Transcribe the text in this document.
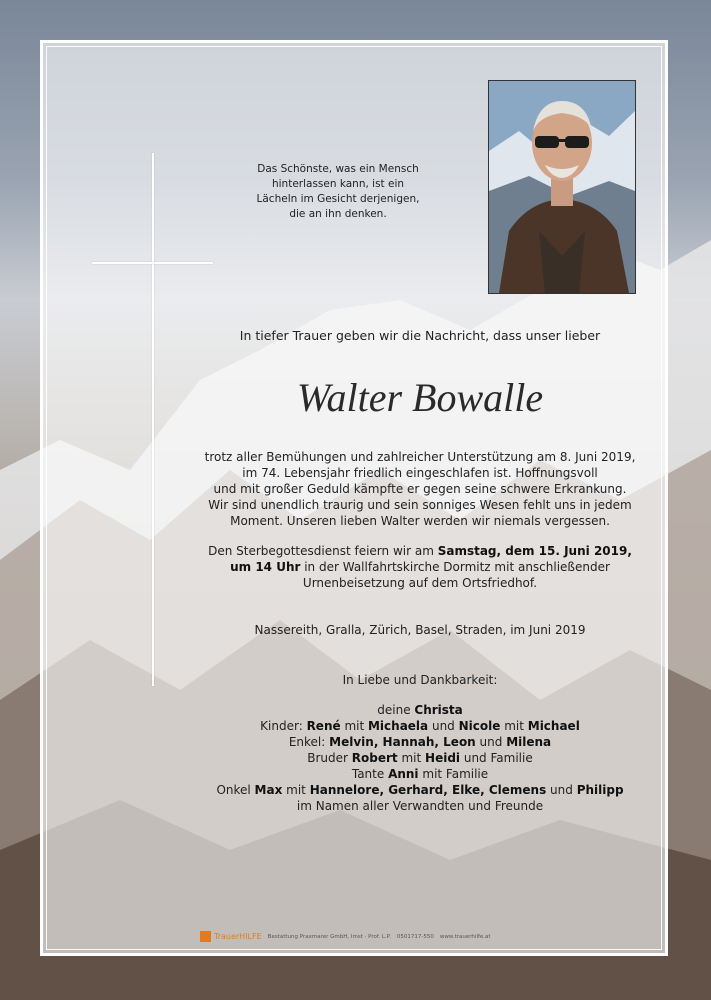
Das Schönste, was ein Mensch
hinterlassen kann, ist ein
Lächeln im Gesicht derjenigen,
die an ihn denken.
In tiefer Trauer geben wir die Nachricht, dass unser lieber
Walter Bowalle
trotz aller Bemühungen und zahlreicher Unterstützung am 8. Juni 2019,
im 74. Lebensjahr friedlich eingeschlafen ist. Hoffnungsvoll
und mit großer Geduld kämpfte er gegen seine schwere Erkrankung.
Wir sind unendlich traurig und sein sonniges Wesen fehlt uns in jedem
Moment. Unseren lieben Walter werden wir niemals vergessen.
Den Sterbegottesdienst feiern wir am Samstag, dem 15. Juni 2019,
um 14 Uhr in der Wallfahrtskirche Dormitz mit anschließender
Urnenbeisetzung auf dem Ortsfriedhof.
Nassereith, Gralla, Zürich, Basel, Straden, im Juni 2019
In Liebe und Dankbarkeit:
deine Christa
Kinder: René mit Michaela und Nicole mit Michael
Enkel: Melvin, Hannah, Leon und Milena
Bruder Robert mit Heidi und Familie
Tante Anni mit Familie
Onkel Max mit Hannelore, Gerhard, Elke, Clemens und Philipp
im Namen aller Verwandten und Freunde
TrauerHILFE Bestattung Praxmarer GmbH, Imst · Prof. L.P. 0501717-550 www.trauerhilfe.at
